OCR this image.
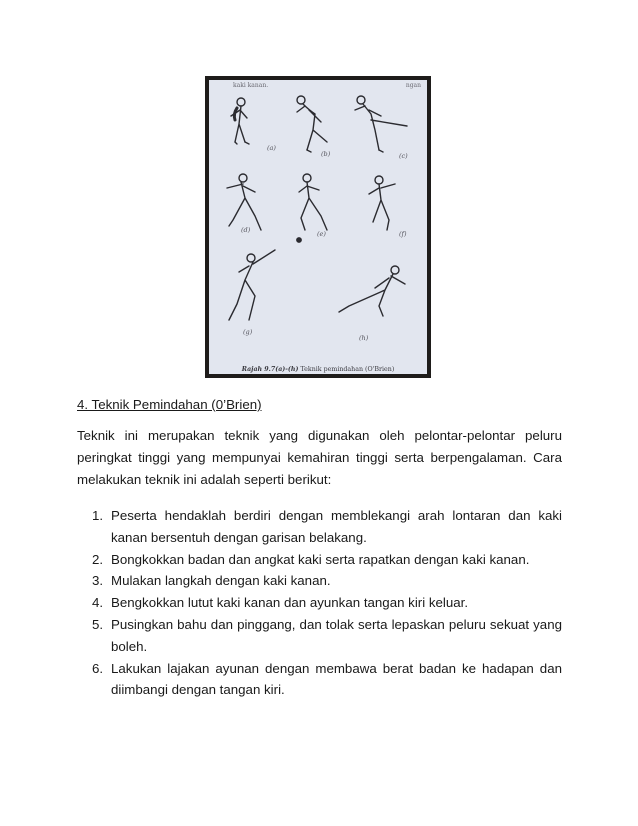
kaki kanan.	ngan
(a)
(b)	(c)
(d)	(e)	(f)
(g)
(h)
Rajah 9.7(a)-(h) Teknik pemindahan (O'Brien)
4. Teknik Pemindahan (0’Brien)

Teknik ini merupakan teknik yang digunakan oleh pelontar-pelontar peluru peringkat tinggi yang mempunyai kemahiran tinggi serta berpengalaman. Cara melakukan teknik ini adalah seperti berikut:

1. Peserta hendaklah berdiri dengan memblekangi arah lontaran dan kaki kanan bersentuh dengan garisan belakang.
2. Bongkokkan badan dan angkat kaki serta rapatkan dengan kaki kanan.
3. Mulakan langkah dengan kaki kanan.
4. Bengkokkan lutut kaki kanan dan ayunkan tangan kiri keluar.
5. Pusingkan bahu dan pinggang, dan tolak serta lepaskan peluru sekuat yang boleh.
6. Lakukan lajakan ayunan dengan membawa berat badan ke hadapan dan diimbangi dengan tangan kiri.
